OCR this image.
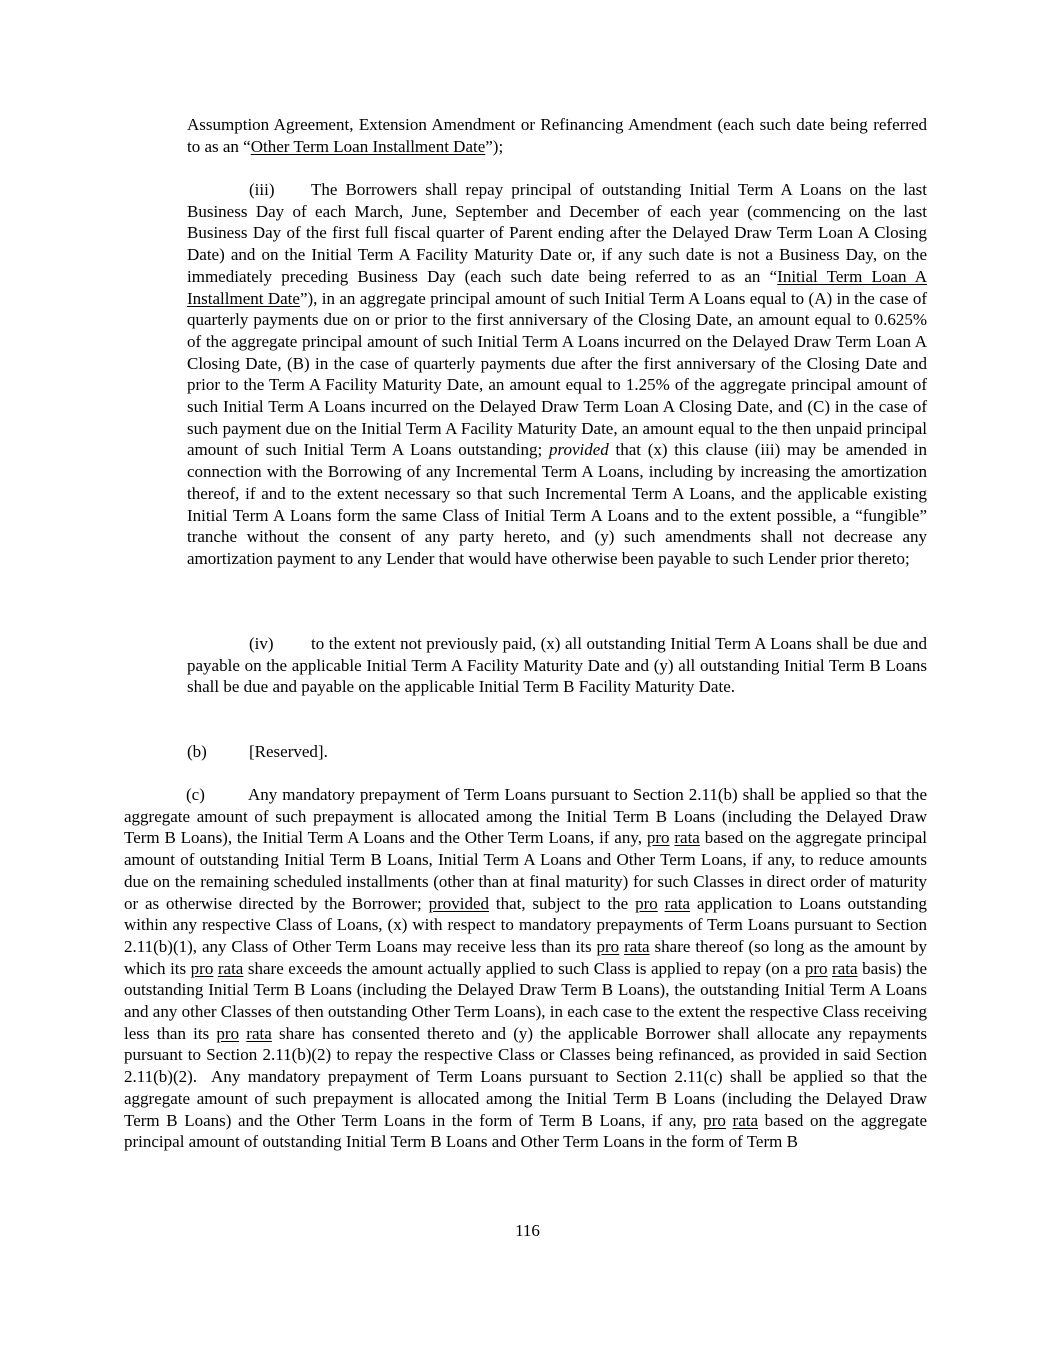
Assumption Agreement, Extension Amendment or Refinancing Amendment (each such date being referred to as an “Other Term Loan Installment Date”);

(iii) The Borrowers shall repay principal of outstanding Initial Term A Loans on the last Business Day of each March, June, September and December of each year (commencing on the last Business Day of the first full fiscal quarter of Parent ending after the Delayed Draw Term Loan A Closing Date) and on the Initial Term A Facility Maturity Date or, if any such date is not a Business Day, on the immediately preceding Business Day (each such date being referred to as an “Initial Term Loan A Installment Date”), in an aggregate principal amount of such Initial Term A Loans equal to (A) in the case of quarterly payments due on or prior to the first anniversary of the Closing Date, an amount equal to 0.625% of the aggregate principal amount of such Initial Term A Loans incurred on the Delayed Draw Term Loan A Closing Date, (B) in the case of quarterly payments due after the first anniversary of the Closing Date and prior to the Term A Facility Maturity Date, an amount equal to 1.25% of the aggregate principal amount of such Initial Term A Loans incurred on the Delayed Draw Term Loan A Closing Date, and (C) in the case of such payment due on the Initial Term A Facility Maturity Date, an amount equal to the then unpaid principal amount of such Initial Term A Loans outstanding; provided that (x) this clause (iii) may be amended in connection with the Borrowing of any Incremental Term A Loans, including by increasing the amortization thereof, if and to the extent necessary so that such Incremental Term A Loans, and the applicable existing Initial Term A Loans form the same Class of Initial Term A Loans and to the extent possible, a “fungible” tranche without the consent of any party hereto, and (y) such amendments shall not decrease any amortization payment to any Lender that would have otherwise been payable to such Lender prior thereto;

(iv) to the extent not previously paid, (x) all outstanding Initial Term A Loans shall be due and payable on the applicable Initial Term A Facility Maturity Date and (y) all outstanding Initial Term B Loans shall be due and payable on the applicable Initial Term B Facility Maturity Date.

(b) [Reserved].

(c)	Any mandatory prepayment of Term Loans pursuant to Section 2.11(b) shall be applied so that the aggregate amount of such prepayment is allocated among the Initial Term B Loans (including the Delayed Draw Term B Loans), the Initial Term A Loans and the Other Term Loans, if any, pro rata based on the aggregate principal amount of outstanding Initial Term B Loans, Initial Term A Loans and Other Term Loans, if any, to reduce amounts due on the remaining scheduled installments (other than at final maturity) for such Classes in direct order of maturity or as otherwise directed by the Borrower; provided that, subject to the pro rata application to Loans outstanding within any respective Class of Loans, (x) with respect to mandatory prepayments of Term Loans pursuant to Section 2.11(b)(1), any Class of Other Term Loans may receive less than its pro rata share thereof (so long as the amount by which its pro rata share exceeds the amount actually applied to such Class is applied to repay (on a pro rata basis) the outstanding Initial Term B Loans (including the Delayed Draw Term B Loans), the outstanding Initial Term A Loans and any other Classes of then outstanding Other Term Loans), in each case to the extent the respective Class receiving less than its pro rata share has consented thereto and (y) the applicable Borrower shall allocate any repayments pursuant to Section 2.11(b)(2) to repay the respective Class or Classes being refinanced, as provided in said Section 2.11(b)(2).  Any mandatory prepayment of Term Loans pursuant to Section 2.11(c) shall be applied so that the aggregate amount of such prepayment is allocated among the Initial Term B Loans (including the Delayed Draw Term B Loans) and the Other Term Loans in the form of Term B Loans, if any, pro rata based on the aggregate principal amount of outstanding Initial Term B Loans and Other Term Loans in the form of Term B

116
